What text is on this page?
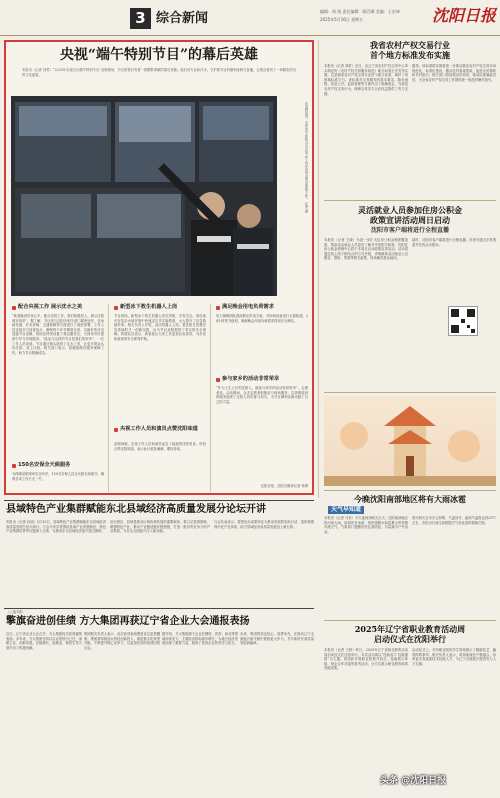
3 综合新闻	编辑：周 纯 责任编辑：顾百顺 美编：王宏坤
2025年5月16日 星期五	沈阳日报
央视“端午特别节目”的幕后英雄
本报讯（记者 刘哲）“2025年央视总台端午特别节目”录制现场，节目的背后有着一群默默奉献的幕后英雄。他们用专业和汗水，守护着节目的顺利录制与直播，让观众看到了一场精彩纷呈的文化盛宴。
在录制现场，市民参与体验与节目组工作人员共同完成各项准备工作。 记者 摄
配合央视工作 展示沈水之美
“新春晚到市民心中，配合央视工作，我们积极投入，展示沈阳城市风采”。据了解，节目组与沈阳市相关部门紧密协作，在场地布置、灯光音响、交通保障等方面进行了周密部署。工作人员连续多日加班加点，确保每个环节精准无误，以最好的状态迎接节目录制。现场还特别设置了观众服务区，为到场市民提供引导与咨询服务。“能参与这样的节目是我们的荣幸”，一位工作人员说道。节目通过镜头展现了沈水之美，让更多观众认识沈阳、爱上沈阳。相关部门表示，将继续做好服务保障工作，助力节目圆满成功。
150名安保全天候服务
为保障录制现场安全有序，150名安保人员全天候在岗值守，确保各项工作万无一失。
新型冰下救生机器人上岗
节目现场，新型冰下救生机器人首次亮相，引发关注。该设备可在复杂水域环境中快速定位并实施救援，大大提升了应急救援效率。相关负责人介绍，此次机器人上岗，是沈阳在智慧应急领域的又一创新实践，也为节目录制提供了坚实的安全保障。救援队员表示，新装备让大家工作更加从容高效，为市民和游客的安全保驾护航。
央视工作人员和演员点赞沈阳味道
录制间隙，央视工作人员和演员品尝了地道的沈阳美食，纷纷点赞沈阳味道，表示此行收获满满，期待再来。
满足晚会用电负荷需求
电力保障团队提前制定供电方案，对现场设备进行全面检测，24小时驻守值班，确保晚会用电负荷需求得到充分满足。
参与家乡的活动非常荣幸
“作为土生土长的沈阳人，能参与家乡的活动非常荣幸”，志愿者说。活动期间，众多志愿者积极参与现场服务，以热情周到的服务展现了沈阳人的好客与担当，为节目顺利录制贡献了自己的力量。
沈阳日报、沈阳全媒体记者 杨博
我省农村产权交易行业
首个地方标准发布实施
本报讯（记者 刘哲）近日，由辽宁省农村产权交易中心牵头制定的《农村产权交易服务规范》地方标准正式发布实施。这是我省农村产权交易行业首个地方标准，填补了该领域标准空白。该标准对交易服务的基本要求、服务流程、信息公开、监督管理等方面作出了明确规定，为规范农村产权交易行为、保障交易各方合法权益提供了有力支撑。
据悉，该标准的实施将进一步推动我省农村产权交易市场规范化、标准化建设，激活农村要素资源，促进农民增收和乡村振兴。相关部门将加强宣传培训，推动标准落地见效，为全省农村产权交易工作提供统一规范的操作指引。
灵活就业人员参加住房公积金
政策宣讲活动周日启动
沈阳市客户端将进行全程直播
本报讯（记者 王晓）为进一步扩大住房公积金制度覆盖面，帮助灵活就业人员更好了解并享受相关政策，沈阳住房公积金管理中心将于本周日启动政策宣讲活动。活动将通过线上线下相结合的方式开展，详细解读灵活就业人员缴存、提取、贷款等相关政策，现场解答群众疑问。
届时，沈阳市客户端将进行全程直播，市民可通过手机观看并在线互动提问。
今晚沈阳南部地区将有大雨冰雹
天气早知道
本报讯（记者 马奔）今天夜间到明天白天，沈阳南部地区将出现大雨，局部伴有冰雹、短时强降水和雷暴大风等强对流天气。气象部门提醒市民注意防范，尽量减少户外活动。
预计明天全市多云转晴，气温回升，最高气温将达到25℃左右，市民出行请注意根据天气变化适时增减衣物。
2025年辽宁省职业教育活动周
启动仪式在沈阳举行
本报讯（记者 王婷）昨日，2025年辽宁省职业教育活动周启动仪式在沈阳举行。本次活动周以“技能成才 技能强国”为主题，将组织开展职业院校开放日、技能展示体验、校企合作对接等系列活动，全方位展示职业教育改革发展成果。
启动仪式上，多所职业院校学生现场展示了精湛技艺，赢得阵阵掌声。相关负责人表示，将持续深化产教融合，培养更多高素质技术技能人才，为辽宁全面振兴提供有力人才支撑。
县域特色产业集群赋能东北县域经济高质量发展分论坛开讲
本报讯（记者 孙旭）5月15日，县域特色产业集群赋能东北县域经济高质量发展分论坛举行。与会专家学者围绕县域产业发展路径、特色产业集群培育等议题深入交流，为推动东北县域经济振兴建言献策。
论坛指出，县域是推动区域协调发展的重要载体，要立足资源禀赋，做强特色产业，推动产业链延链补链强链，打造一批具有竞争力的产业集群，为东北全面振兴注入新动能。
与会代表表示，将把论坛成果转化为推动发展的实际行动，加快构建现代化产业体系，助力县域经济高质量发展迈上新台阶。
（上接1版）
擎旗奋进创佳绩 方大集团再获辽宁省企业大会通报表扬
近日，辽宁省企业大会召开，方大集团再次获得通报表扬。多年来，方大集团坚持以实业报国为己任，深耕主业、创新发展，在稳增长、促就业、保民生等方面作出了积极贡献。
集团相关负责人表示，此次获得表扬既是肯定更是鞭策。集团将持续加大科技创新投入，推进数字化转型升级，不断提升核心竞争力，以更加优异的成绩回报社会。
据介绍，方大集团旗下企业在钢铁、医药、商业等领域持续发力，主要经济指标稳步增长，为地方经济发展贡献了重要力量，展现了民营企业的责任与担当。
未来，集团将坚定信心、奋勇争先，在推动辽宁全面振兴新突破中展现更大作为，书写新时代高质量发展新篇章。
头条 @沈阳日报
